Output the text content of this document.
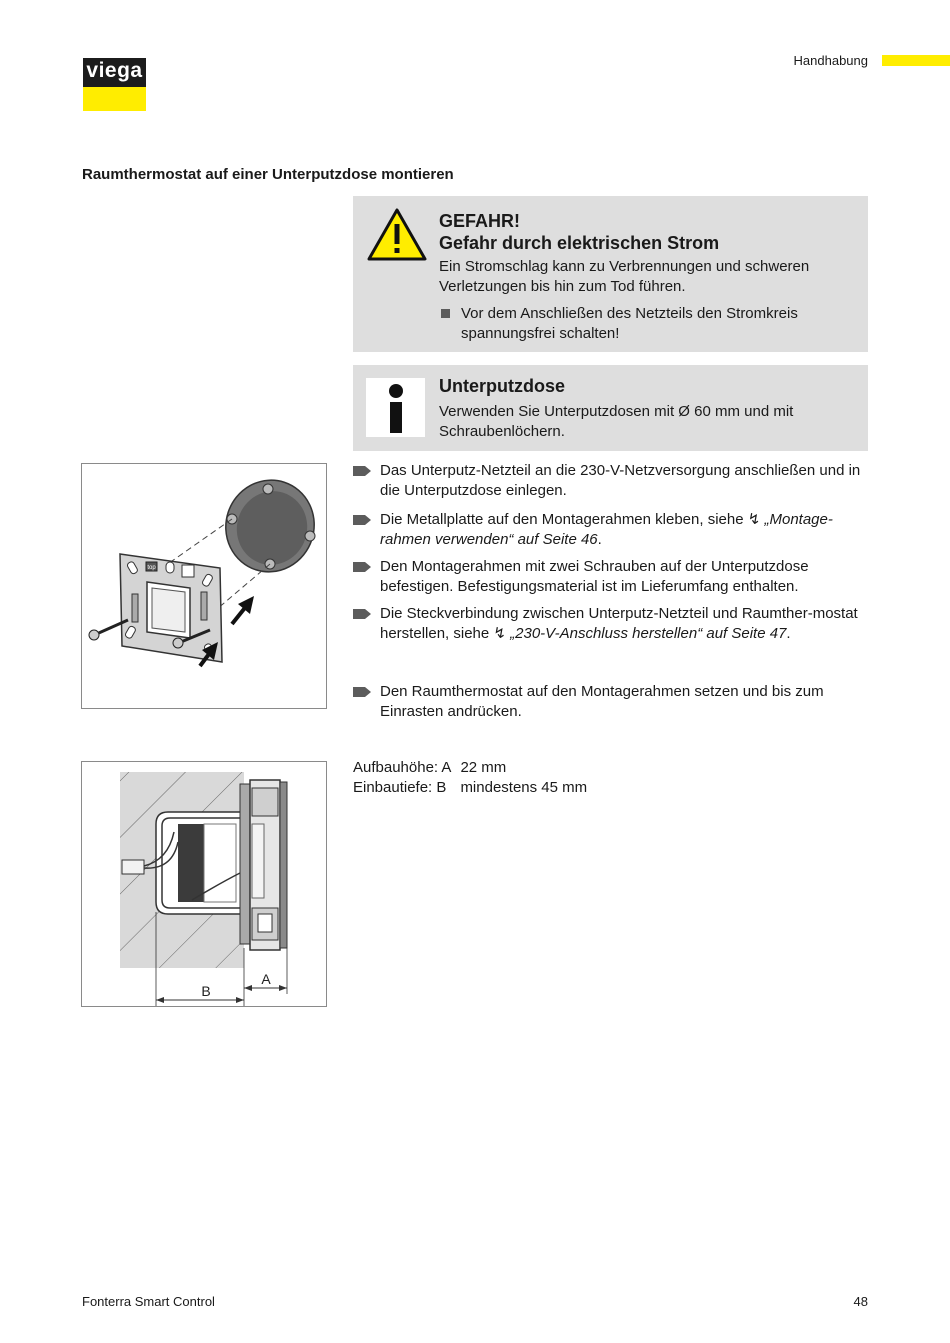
viega	Handhabung
Raumthermostat auf einer Unterputzdose montieren
GEFAHR!
Gefahr durch elektrischen Strom
Ein Stromschlag kann zu Verbrennungen und schweren Verletzungen bis hin zum Tod führen.
Vor dem Anschließen des Netzteils den Stromkreis spannungsfrei schalten!
Unterputzdose
Verwenden Sie Unterputzdosen mit Ø 60 mm und mit Schraubenlöchern.
top
Das Unterputz-Netzteil an die 230-V-Netzversorgung anschließen und in die Unterputzdose einlegen.
Die Metallplatte auf den Montagerahmen kleben, siehe ↯ „Montage-rahmen verwenden“ auf Seite 46.
Den Montagerahmen mit zwei Schrauben auf der Unterputzdose befestigen. Befestigungsmaterial ist im Lieferumfang enthalten.
Die Steckverbindung zwischen Unterputz-Netzteil und Raumther-mostat herstellen, siehe ↯ „230-V-Anschluss herstellen“ auf Seite 47.
Den Raumthermostat auf den Montagerahmen setzen und bis zum Einrasten andrücken.
B
A
Aufbauhöhe: A	22 mm
Einbautiefe: B	mindestens 45 mm
Fonterra Smart Control	48
